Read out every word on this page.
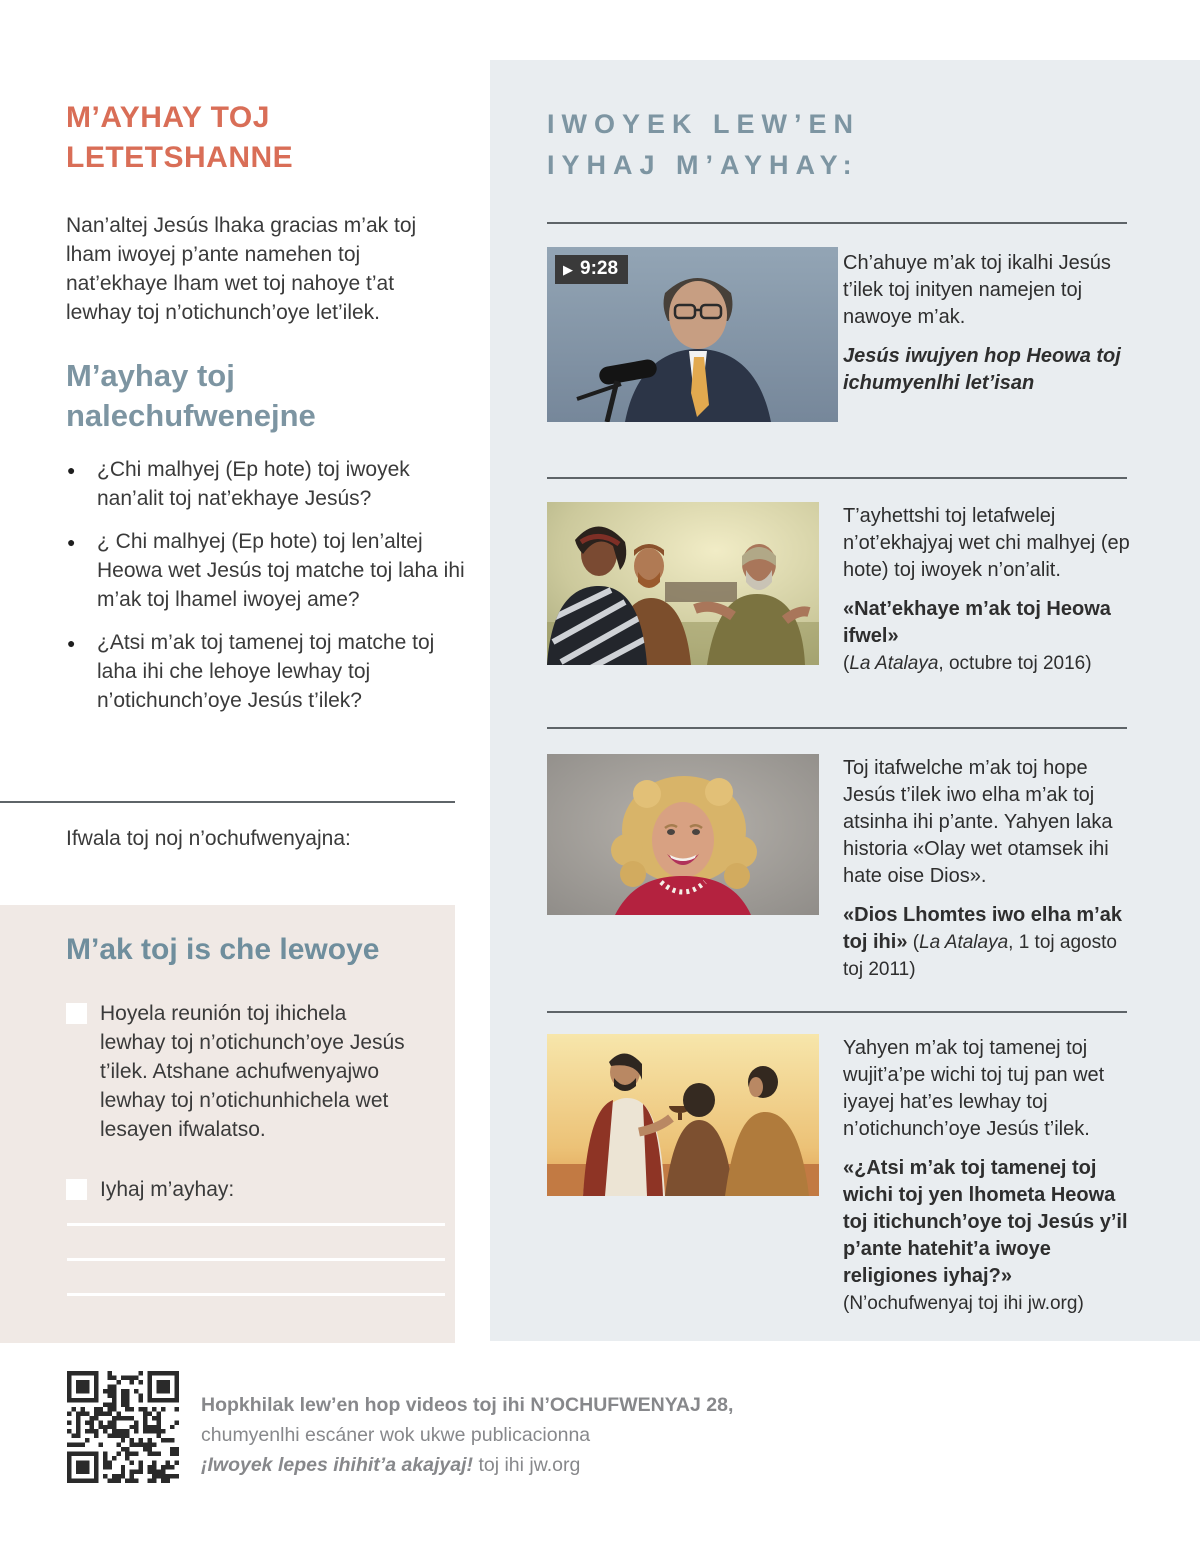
M’AYHAY TOJ LETETSHANNE

Nan’altej Jesús lhaka gracias m’ak toj lham iwoyej p’ante namehen toj nat’ekhaye lham wet toj nahoye t’at lewhay toj n’otichunch’oye let’ilek.

M’ayhay toj nalechufwenejne
● ¿Chi malhyej (Ep hote) toj iwoyek nan’alit toj nat’ekhaye Jesús?
● ¿ Chi malhyej (Ep hote) toj len’altej Heowa wet Jesús toj matche toj laha ihi m’ak toj lhamel iwoyej ame?
● ¿Atsi m’ak toj tamenej toj matche toj laha ihi che lehoye lewhay toj n’otichunch’oye Jesús t’ilek?

Ifwala toj noj n’ochufwenyajna:

M’ak toj is che lewoye
Hoyela reunión toj ihichela lewhay toj n’otichunch’oye Jesús t’ilek. Atshane achufwenyajwo lewhay toj n’otichunhichela wet lesayen ifwalatso.
Iyhaj m’ayhay:

Hopkhilak lew’en hop videos toj ihi N’OCHUFWENYAJ 28,

chumyenlhi escáner wok ukwe publicacionna

¡Iwoyek lepes ihihit’a akajyaj! toj ihi jw.org

IWOYEK LEW’EN
IYHAJ M’AYHAY:
▶ 9:28	Ch’ahuye m’ak toj ikalhi Jesús t’ilek toj inityen namejen toj nawoye m’ak.

Jesús iwujyen hop Heowa toj ichumyenlhi let’isan

T’ayhettshi toj letafwelej n’ot’ekhajyaj wet chi malhyej (ep hote) toj iwoyek n’on’alit.

«Nat’ekhaye m’ak toj Heowa ifwel»
(La Atalaya, octubre toj 2016)

Toj itafwelche m’ak toj hope Jesús t’ilek iwo elha m’ak toj atsinha ihi p’ante. Yahyen laka historia «Olay wet otamsek ihi hate oise Dios».

«Dios Lhomtes iwo elha m’ak toj ihi» (La Atalaya, 1 toj agosto toj 2011)

Yahyen m’ak toj tamenej toj wujit’a’pe wichi toj tuj pan wet iyayej hat’es lewhay toj n’otichunch’oye Jesús t’ilek.

«¿Atsi m’ak toj tamenej toj wichi toj yen lhometa Heowa toj itichunch’oye toj Jesús y’il p’ante hatehit’a iwoye religiones iyhaj?»
(N’ochufwenyaj toj ihi jw.org)
